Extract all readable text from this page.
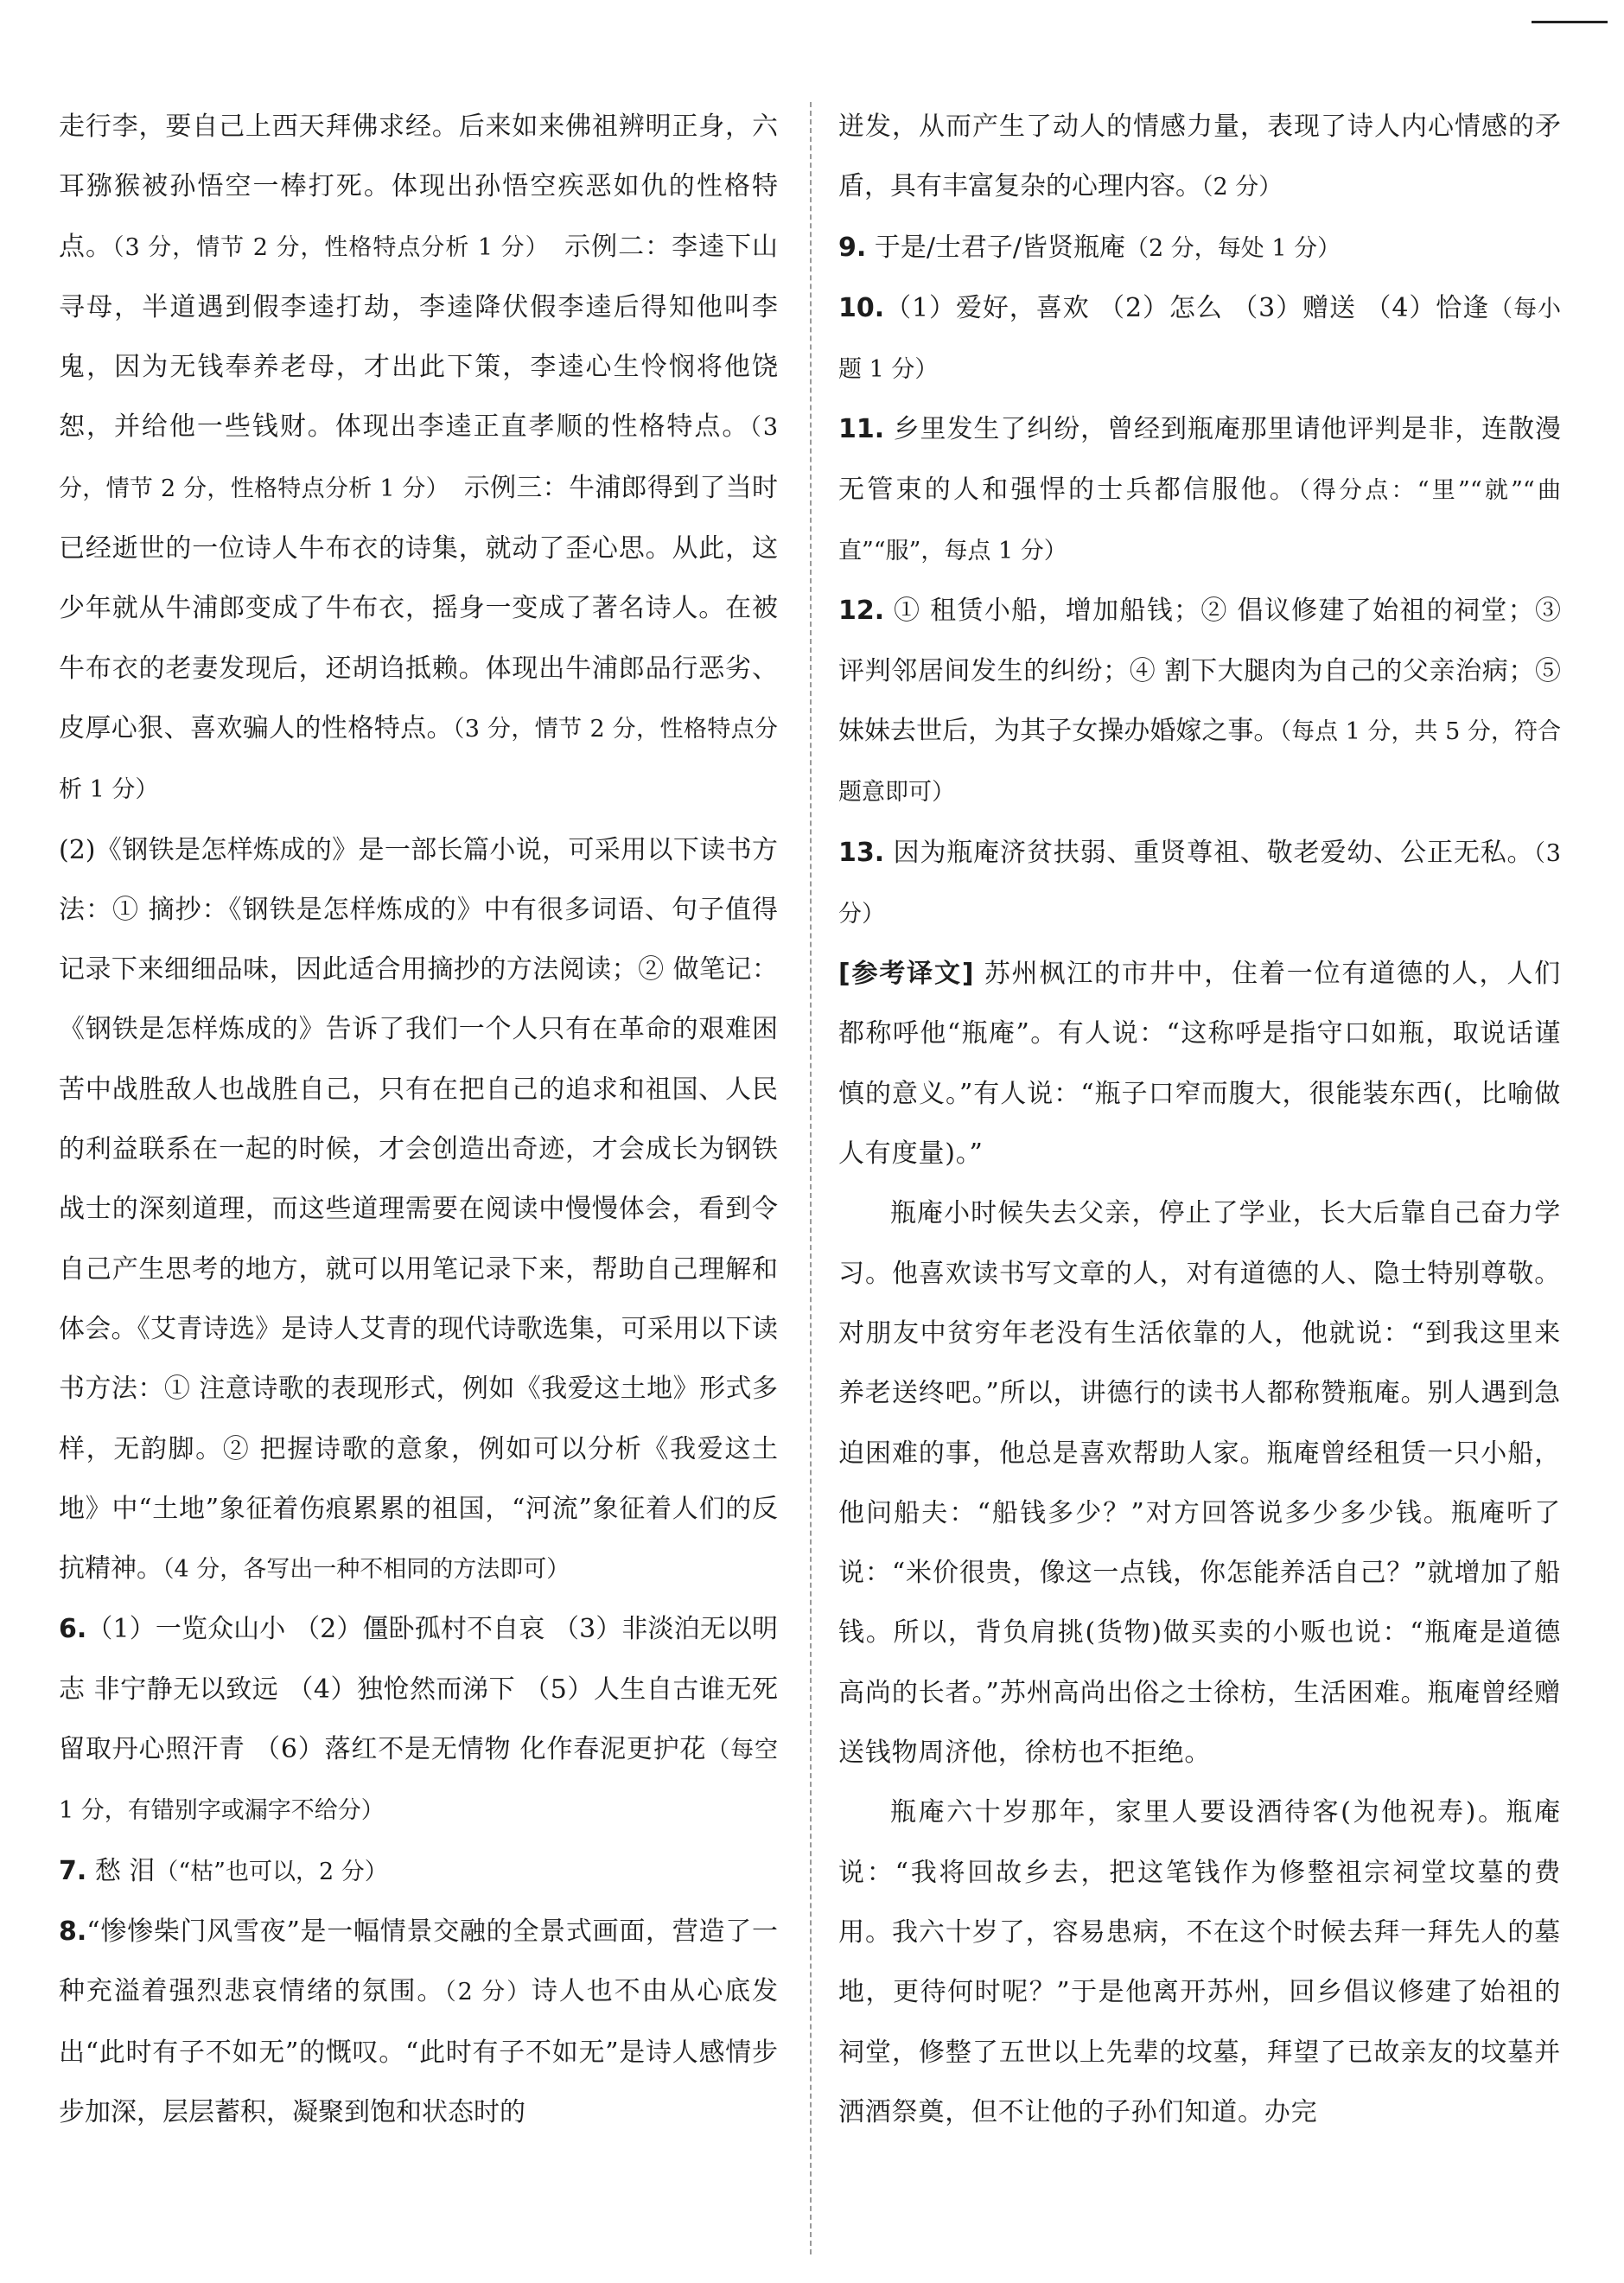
走行李，要自己上西天拜佛求经。后来如来佛祖辨明正身，六耳猕猴被孙悟空一棒打死。体现出孙悟空疾恶如仇的性格特点。（3 分，情节 2 分，性格特点分析 1 分）　 示例二：李逵下山寻母，半道遇到假李逵打劫，李逵降伏假李逵后得知他叫李鬼，因为无钱奉养老母，才出此下策，李逵心生怜悯将他饶恕，并给他一些钱财。体现出李逵正直孝顺的性格特点。（3 分，情节 2 分，性格特点分析 1 分）　 示例三：牛浦郎得到了当时已经逝世的一位诗人牛布衣的诗集，就动了歪心思。从此，这少年就从牛浦郎变成了牛布衣，摇身一变成了著名诗人。在被牛布衣的老妻发现后，还胡诌抵赖。体现出牛浦郎品行恶劣、皮厚心狠、喜欢骗人的性格特点。（3 分，情节 2 分，性格特点分析 1 分）

(2)《钢铁是怎样炼成的》是一部长篇小说，可采用以下读书方法：① 摘抄：《钢铁是怎样炼成的》中有很多词语、句子值得记录下来细细品味，因此适合用摘抄的方法阅读；② 做笔记：《钢铁是怎样炼成的》告诉了我们一个人只有在革命的艰难困苦中战胜敌人也战胜自己，只有在把自己的追求和祖国、人民的利益联系在一起的时候，才会创造出奇迹，才会成长为钢铁战士的深刻道理，而这些道理需要在阅读中慢慢体会，看到令自己产生思考的地方，就可以用笔记录下来，帮助自己理解和体会。《艾青诗选》是诗人艾青的现代诗歌选集，可采用以下读书方法：① 注意诗歌的表现形式，例如《我爱这土地》形式多样，无韵脚。② 把握诗歌的意象，例如可以分析《我爱这土地》中“土地”象征着伤痕累累的祖国，“河流”象征着人们的反抗精神。（4 分，各写出一种不相同的方法即可）

6.（1）一览众山小 （2）僵卧孤村不自哀 （3）非淡泊无以明志 非宁静无以致远 （4）独怆然而涕下 （5）人生自古谁无死 留取丹心照汗青 （6）落红不是无情物 化作春泥更护花（每空 1 分，有错别字或漏字不给分）

7. 愁 泪（“枯”也可以，2 分）

8.“惨惨柴门风雪夜”是一幅情景交融的全景式画面，营造了一种充溢着强烈悲哀情绪的氛围。（2 分）诗人也不由从心底发出“此时有子不如无”的慨叹。“此时有子不如无”是诗人感情步步加深，层层蓄积，凝聚到饱和状态时的

迸发，从而产生了动人的情感力量，表现了诗人内心情感的矛盾，具有丰富复杂的心理内容。（2 分）

9. 于是/士君子/皆贤瓶庵（2 分，每处 1 分）

10.（1）爱好，喜欢 （2）怎么 （3）赠送 （4）恰逢（每小题 1 分）

11. 乡里发生了纠纷，曾经到瓶庵那里请他评判是非，连散漫无管束的人和强悍的士兵都信服他。（得分点：“里”“就”“曲直”“服”，每点 1 分）

12. ① 租赁小船，增加船钱；② 倡议修建了始祖的祠堂；③ 评判邻居间发生的纠纷；④ 割下大腿肉为自己的父亲治病；⑤ 妹妹去世后，为其子女操办婚嫁之事。（每点 1 分，共 5 分，符合题意即可）

13. 因为瓶庵济贫扶弱、重贤尊祖、敬老爱幼、公正无私。（3 分）

[参考译文] 苏州枫江的市井中，住着一位有道德的人，人们都称呼他“瓶庵”。有人说：“这称呼是指守口如瓶，取说话谨慎的意义。”有人说：“瓶子口窄而腹大，很能装东西(，比喻做人有度量)。”

瓶庵小时候失去父亲，停止了学业，长大后靠自己奋力学习。他喜欢读书写文章的人，对有道德的人、隐士特别尊敬。对朋友中贫穷年老没有生活依靠的人，他就说：“到我这里来养老送终吧。”所以，讲德行的读书人都称赞瓶庵。别人遇到急迫困难的事，他总是喜欢帮助人家。瓶庵曾经租赁一只小船，他问船夫：“船钱多少？”对方回答说多少多少钱。瓶庵听了说：“米价很贵，像这一点钱，你怎能养活自己？”就增加了船钱。所以，背负肩挑(货物)做买卖的小贩也说：“瓶庵是道德高尚的长者。”苏州高尚出俗之士徐枋，生活困难。瓶庵曾经赠送钱物周济他，徐枋也不拒绝。

瓶庵六十岁那年，家里人要设酒待客(为他祝寿)。瓶庵说：“我将回故乡去，把这笔钱作为修整祖宗祠堂坟墓的费用。我六十岁了，容易患病，不在这个时候去拜一拜先人的墓地，更待何时呢？”于是他离开苏州，回乡倡议修建了始祖的祠堂，修整了五世以上先辈的坟墓，拜望了已故亲友的坟墓并洒酒祭奠，但不让他的子孙们知道。办完
